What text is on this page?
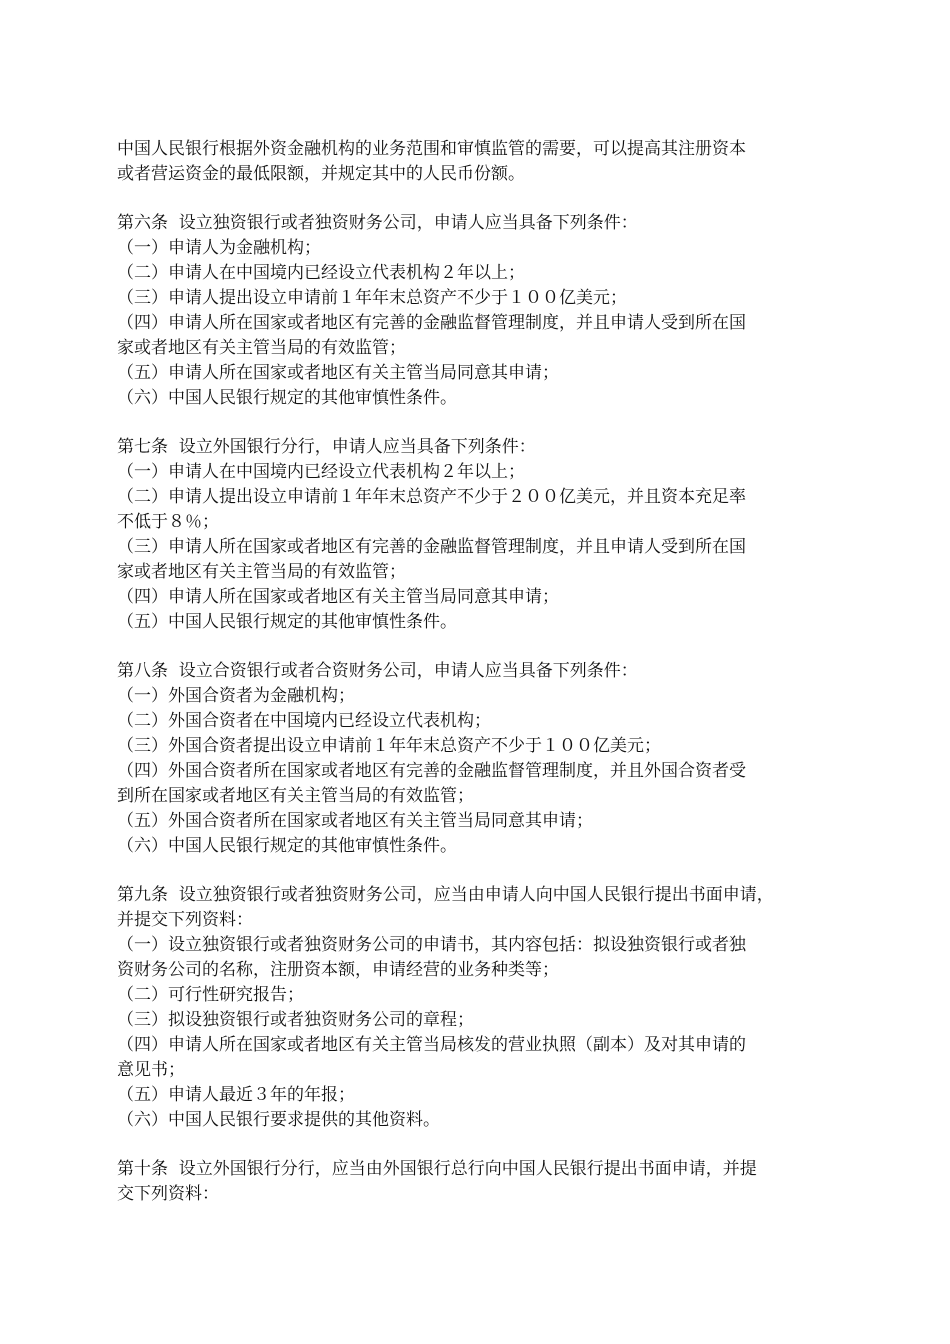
中国人民银行根据外资金融机构的业务范围和审慎监管的需要，可以提高其注册资本
或者营运资金的最低限额，并规定其中的人民币份额。
第六条  设立独资银行或者独资财务公司，申请人应当具备下列条件：
（一）申请人为金融机构；
（二）申请人在中国境内已经设立代表机构２年以上；
（三）申请人提出设立申请前１年年末总资产不少于１００亿美元；
（四）申请人所在国家或者地区有完善的金融监督管理制度，并且申请人受到所在国
家或者地区有关主管当局的有效监管；
（五）申请人所在国家或者地区有关主管当局同意其申请；
（六）中国人民银行规定的其他审慎性条件。
第七条  设立外国银行分行，申请人应当具备下列条件：
（一）申请人在中国境内已经设立代表机构２年以上；
（二）申请人提出设立申请前１年年末总资产不少于２００亿美元，并且资本充足率
不低于８％；
（三）申请人所在国家或者地区有完善的金融监督管理制度，并且申请人受到所在国
家或者地区有关主管当局的有效监管；
（四）申请人所在国家或者地区有关主管当局同意其申请；
（五）中国人民银行规定的其他审慎性条件。
第八条  设立合资银行或者合资财务公司，申请人应当具备下列条件：
（一）外国合资者为金融机构；
（二）外国合资者在中国境内已经设立代表机构；
（三）外国合资者提出设立申请前１年年末总资产不少于１００亿美元；
（四）外国合资者所在国家或者地区有完善的金融监督管理制度，并且外国合资者受
到所在国家或者地区有关主管当局的有效监管；
（五）外国合资者所在国家或者地区有关主管当局同意其申请；
（六）中国人民银行规定的其他审慎性条件。
第九条  设立独资银行或者独资财务公司，应当由申请人向中国人民银行提出书面申请，
并提交下列资料：
（一）设立独资银行或者独资财务公司的申请书，其内容包括：拟设独资银行或者独
资财务公司的名称，注册资本额，申请经营的业务种类等；
（二）可行性研究报告；
（三）拟设独资银行或者独资财务公司的章程；
（四）申请人所在国家或者地区有关主管当局核发的营业执照（副本）及对其申请的
意见书；
（五）申请人最近３年的年报；
（六）中国人民银行要求提供的其他资料。
第十条  设立外国银行分行，应当由外国银行总行向中国人民银行提出书面申请，并提
交下列资料：
